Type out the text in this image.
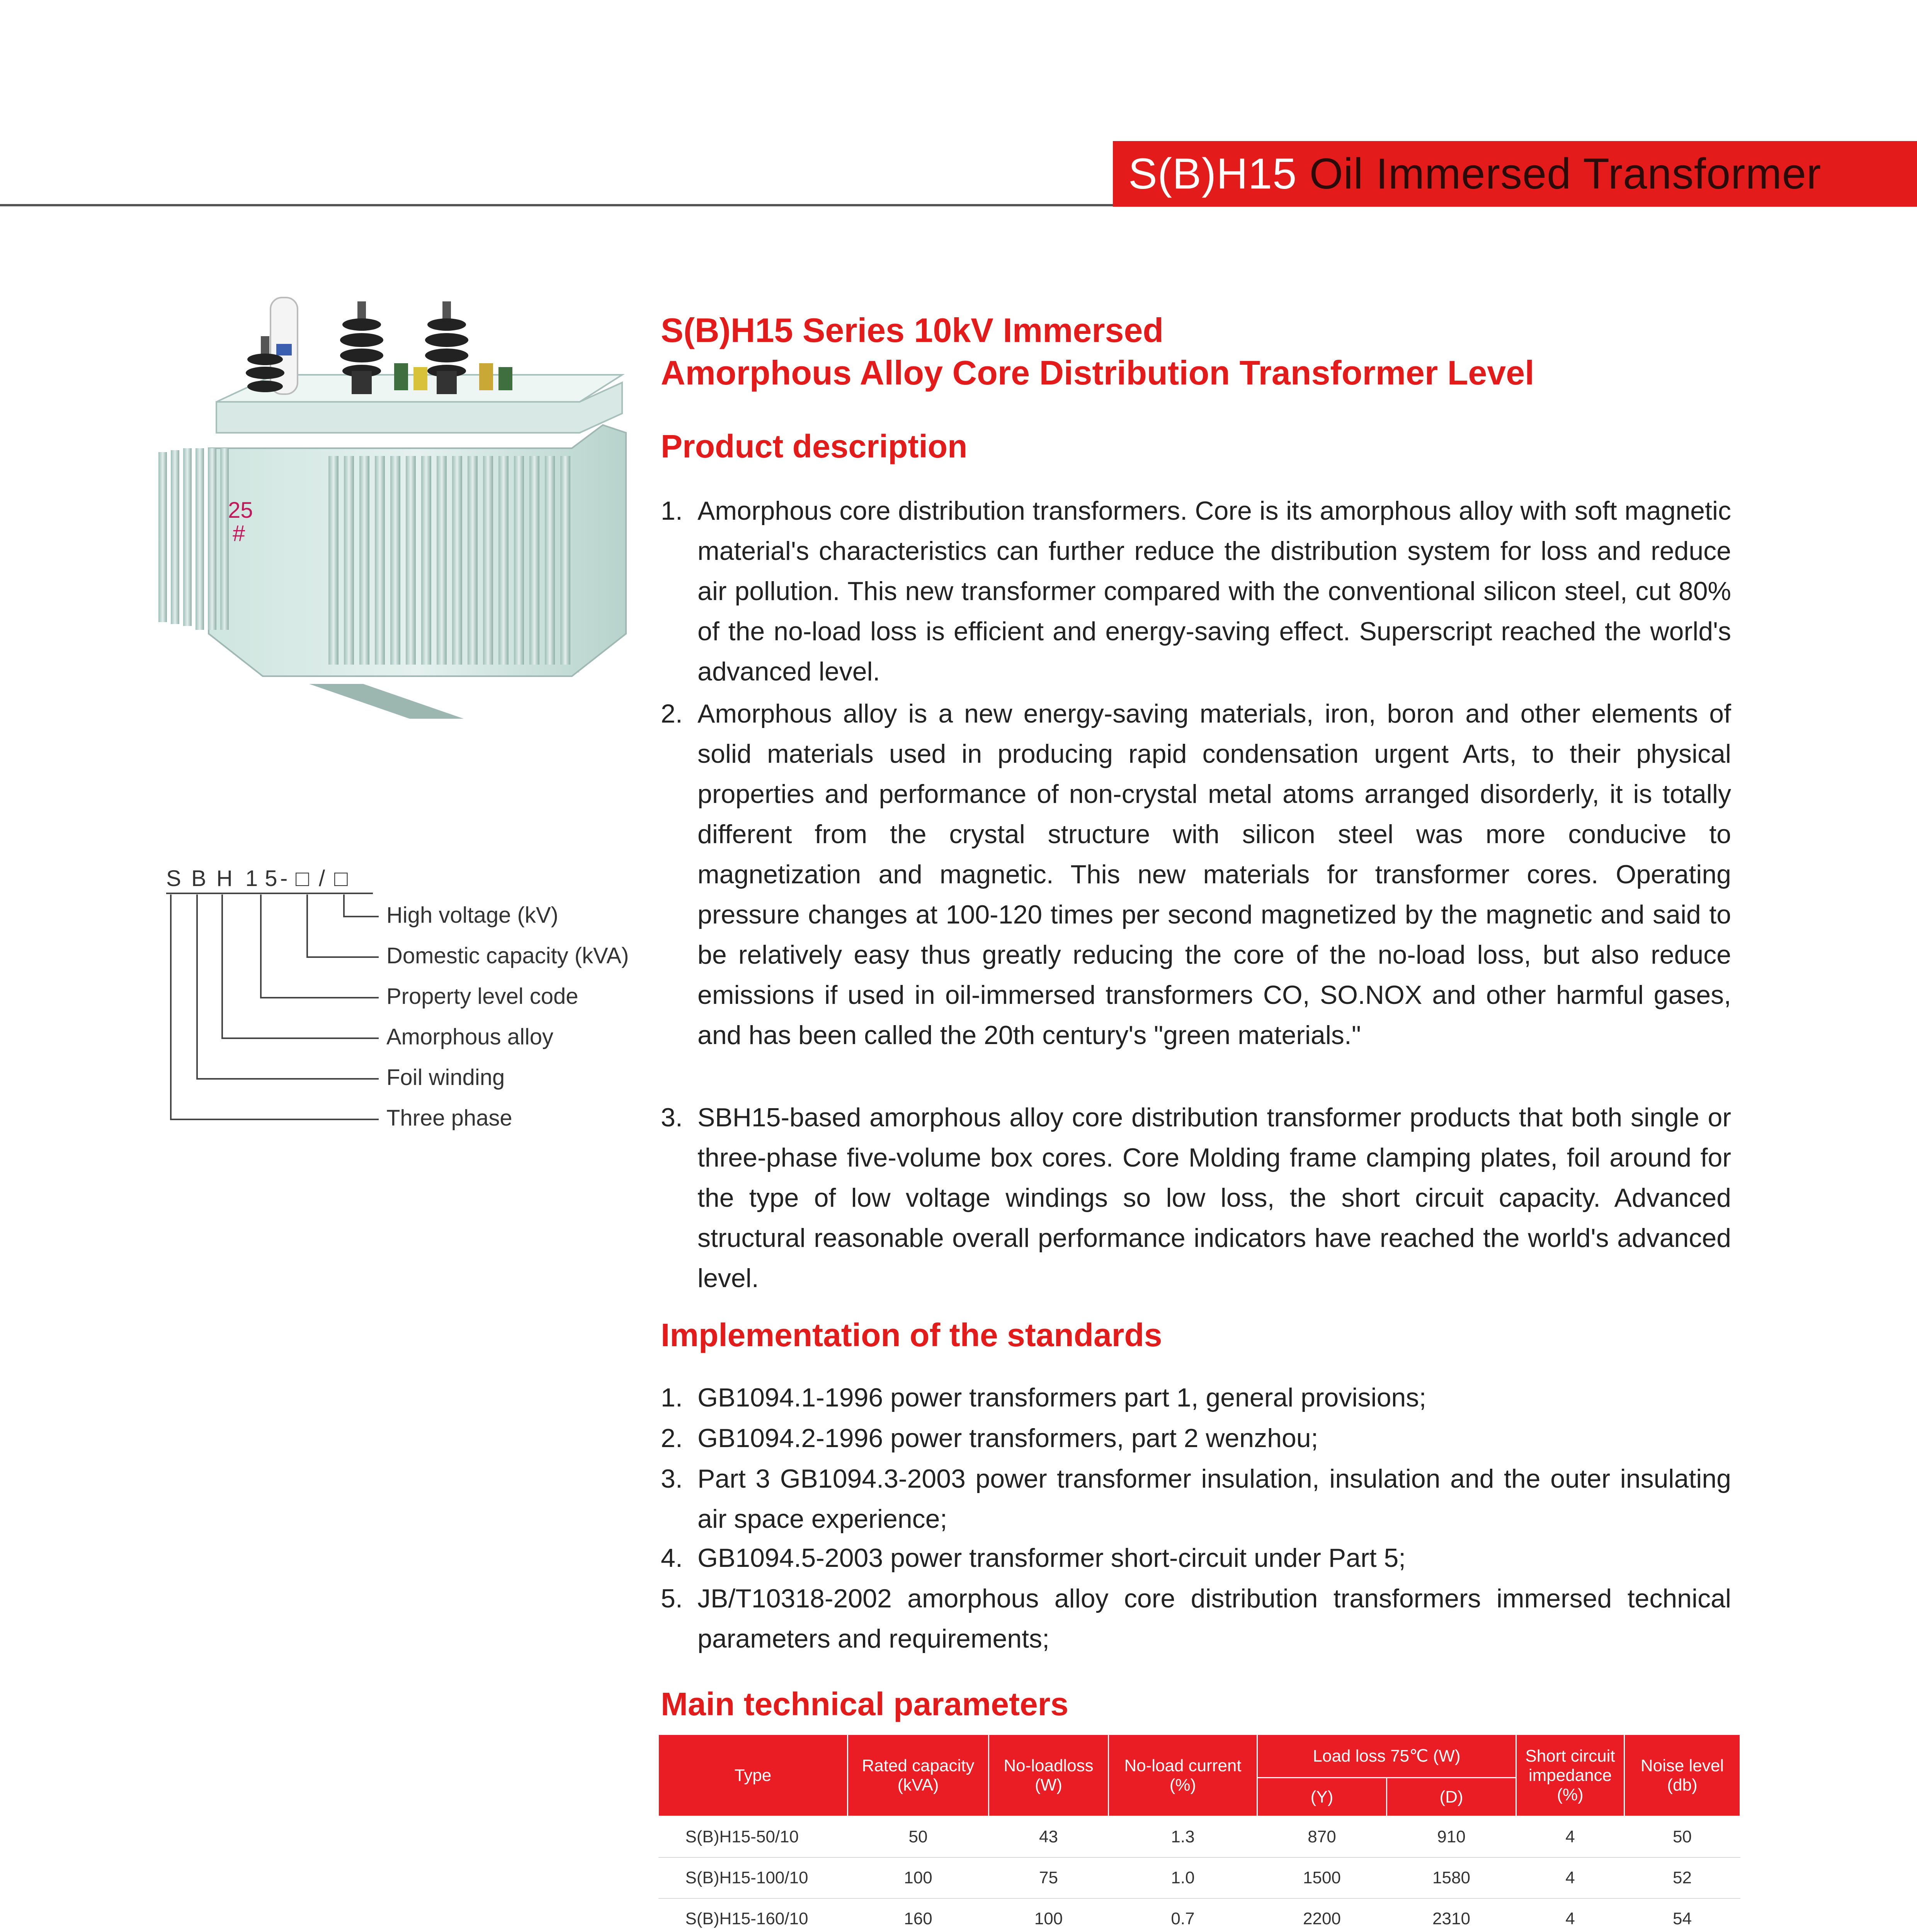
S(B)H15 Oil Immersed Transformer
25
#
S B H 15
- □ / □
High voltage (kV)
Domestic capacity (kVA)
Property level code
Amorphous alloy
Foil winding
Three phase
S(B)H15 Series 10kV Immersed
Amorphous Alloy Core Distribution Transformer Level
Product description
1. Amorphous core distribution transformers. Core is its amorphous alloy with soft magnetic material's characteristics can further reduce the distribution system for loss and reduce air pollution. This new transformer compared with the conventional silicon steel, cut 80% of the no-load loss is efficient and energy-saving effect. Superscript reached the world's advanced level.
2. Amorphous alloy is a new energy-saving materials, iron, boron and other elements of solid materials used in producing rapid condensation urgent Arts, to their physical properties and performance of non-crystal metal atoms arranged disorderly, it is totally different from the crystal structure with silicon steel was more conducive to magnetization and magnetic. This new materials for transformer cores. Operating pressure changes at 100-120 times per second magnetized by the magnetic and said to be relatively easy thus greatly reducing the core of the no-load loss, but also reduce emissions if used in oil-immersed transformers CO, SO.NOX and other harmful gases, and has been called the 20th century's "green materials."
3. SBH15-based amorphous alloy core distribution transformer products that both single or three-phase five-volume box cores. Core Molding frame clamping plates, foil around for the type of low voltage windings so low loss, the short circuit capacity. Advanced structural reasonable overall performance indicators have reached the world's advanced level.
Implementation of the standards
1. GB1094.1-1996 power transformers part 1, general provisions;
2. GB1094.2-1996 power transformers, part 2 wenzhou;
3. Part 3 GB1094.3-2003 power transformer insulation, insulation and the outer insulating air space experience;
4. GB1094.5-2003 power transformer short-circuit under Part 5;
5. JB/T10318-2002 amorphous alloy core distribution transformers immersed technical parameters and requirements;
Main technical parameters
Type	Rated capacity (kVA)	No-loadloss (W)	No-load current (%)	Load loss 75℃ (W)		Short circuit impedance (%)	Noise level (db)
				(Y)	(D)		
S(B)H15-50/10	50	43	1.3	870	910	4	50
S(B)H15-100/10	100	75	1.0	1500	1580	4	52
S(B)H15-160/10	160	100	0.7	2200	2310	4	54
